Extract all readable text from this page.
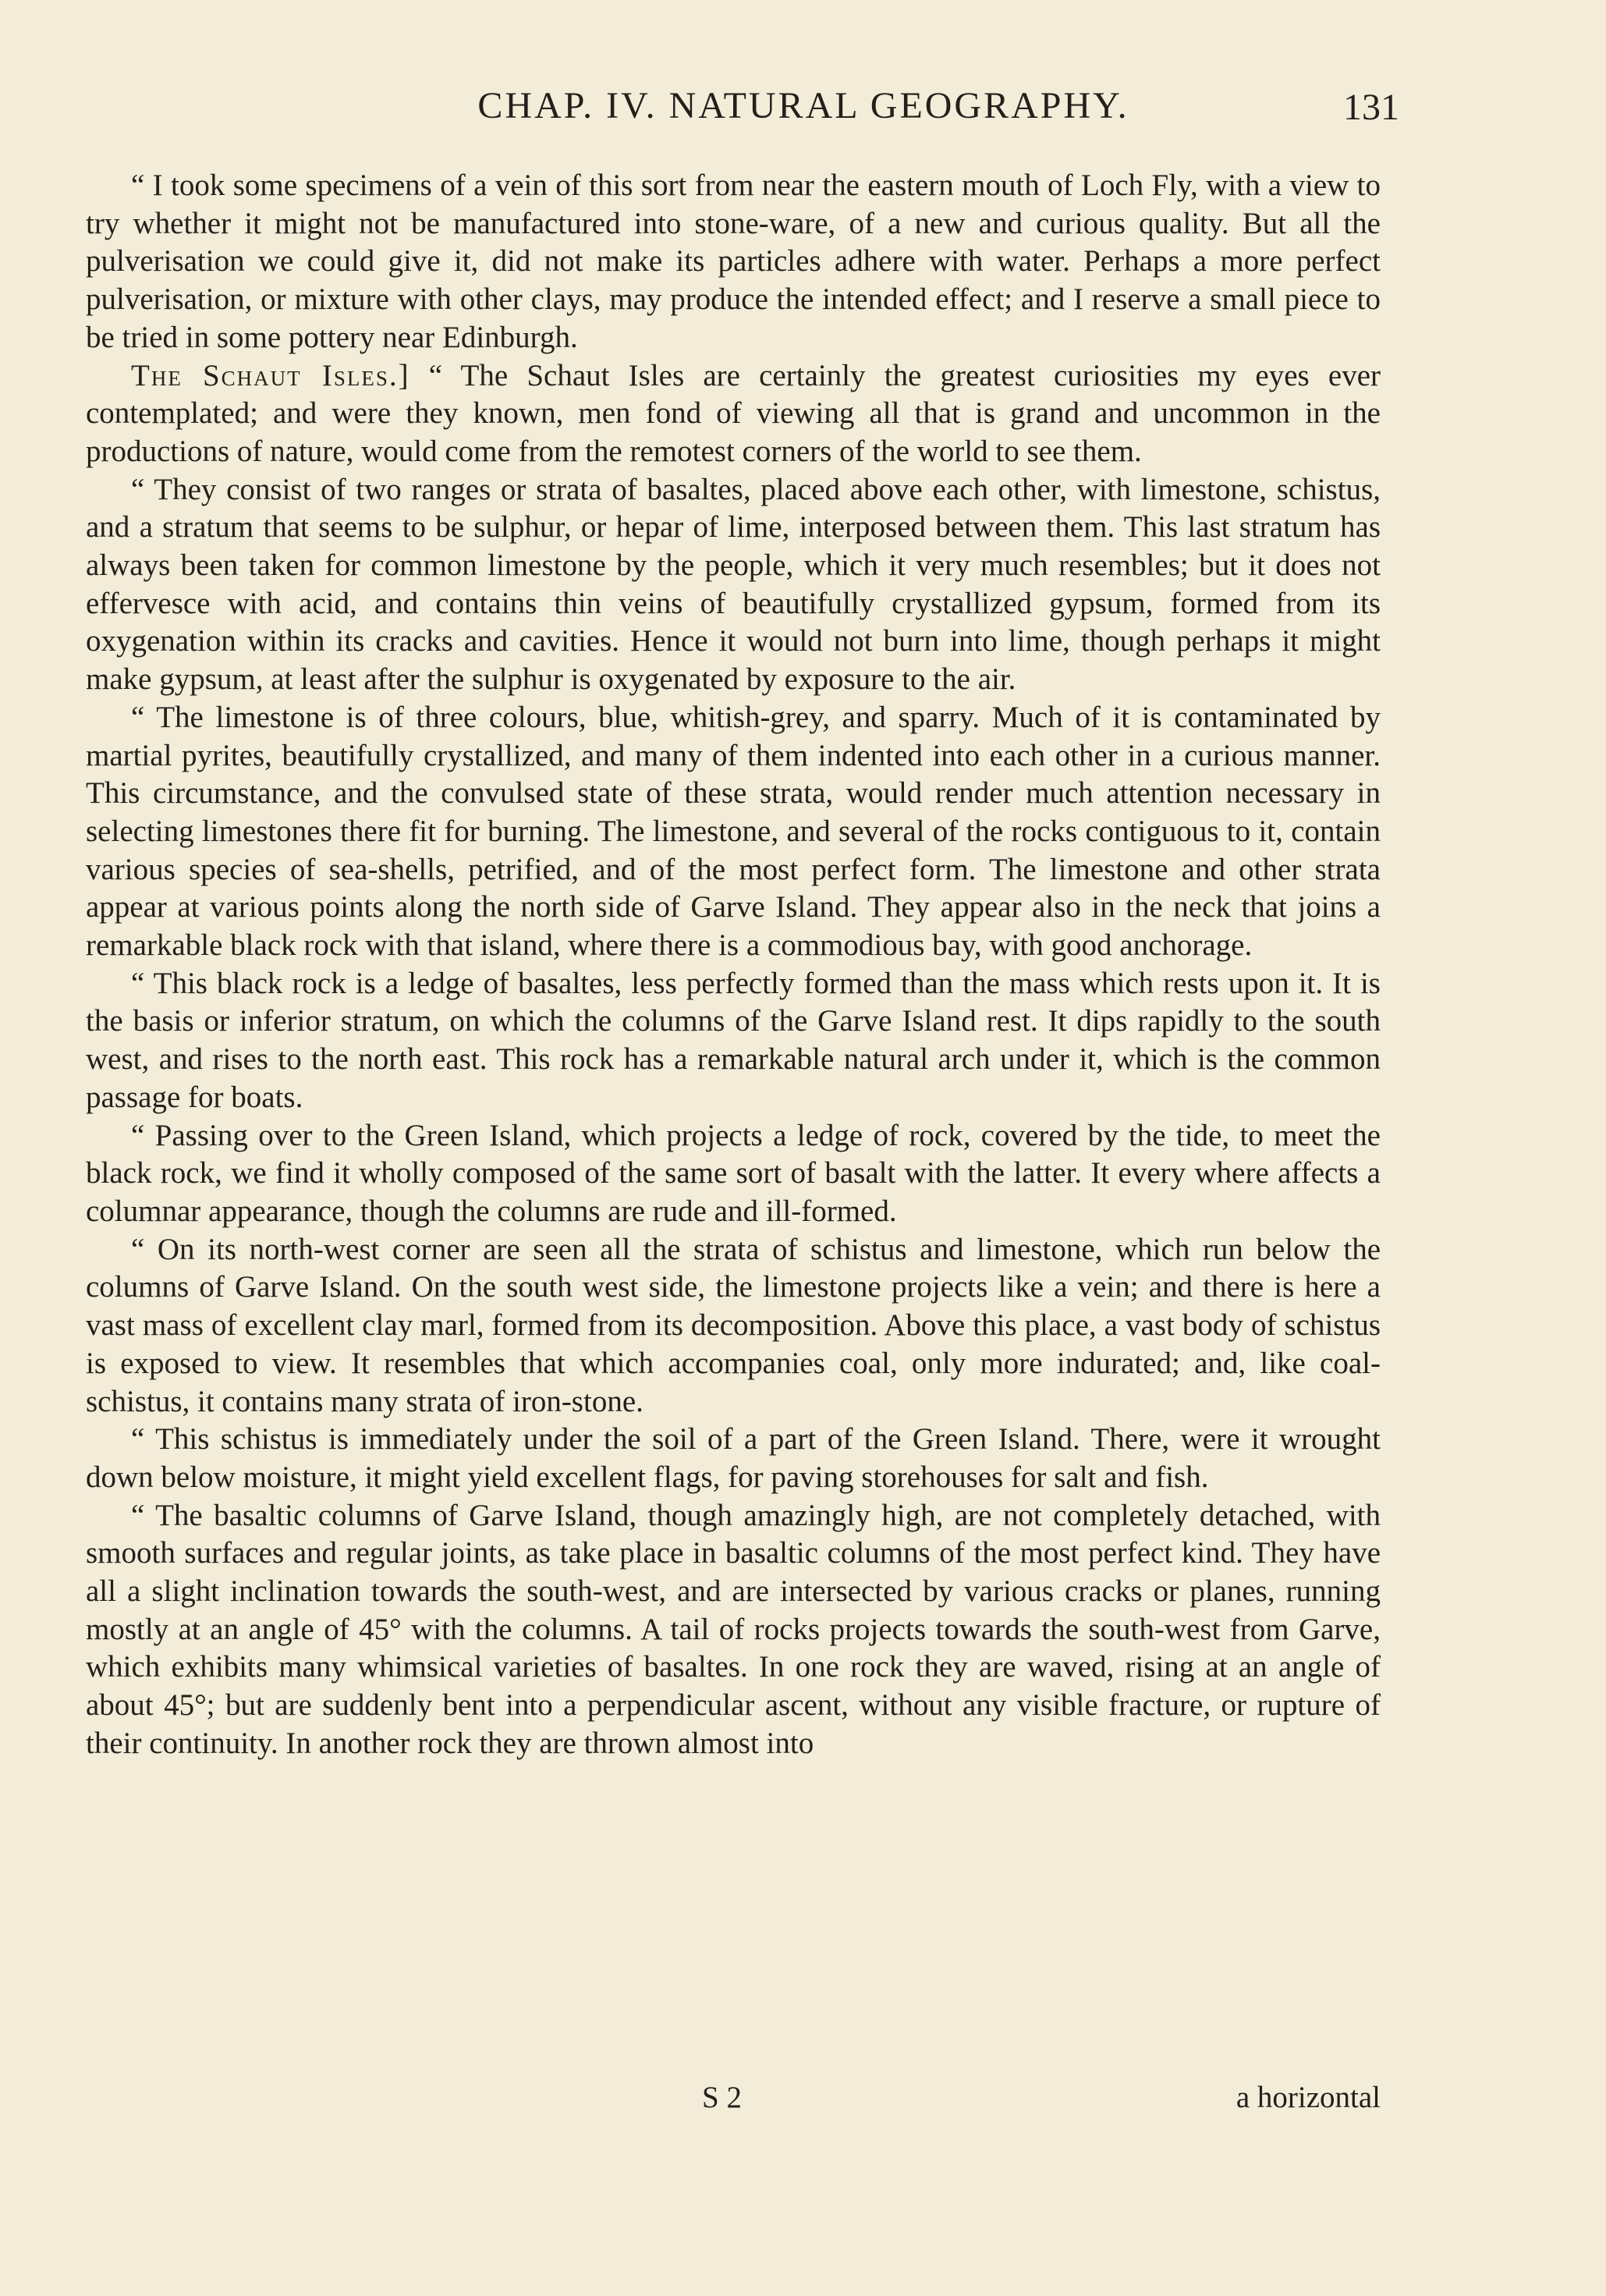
CHAP. IV. NATURAL GEOGRAPHY.	131

“ I took some specimens of a vein of this sort from near the eastern mouth of Loch Fly, with a view to try whether it might not be manufactured into stone-ware, of a new and curious quality. But all the pulverisation we could give it, did not make its particles adhere with water. Perhaps a more perfect pulverisation, or mixture with other clays, may produce the intended effect; and I reserve a small piece to be tried in some pottery near Edinburgh.

The Schaut Isles.] “ The Schaut Isles are certainly the greatest curiosities my eyes ever contemplated; and were they known, men fond of viewing all that is grand and uncommon in the productions of nature, would come from the remotest corners of the world to see them.

“ They consist of two ranges or strata of basaltes, placed above each other, with limestone, schistus, and a stratum that seems to be sulphur, or hepar of lime, interposed between them. This last stratum has always been taken for common limestone by the people, which it very much resembles; but it does not effervesce with acid, and contains thin veins of beautifully crystallized gypsum, formed from its oxygenation within its cracks and cavities. Hence it would not burn into lime, though perhaps it might make gypsum, at least after the sulphur is oxygenated by exposure to the air.

“ The limestone is of three colours, blue, whitish-grey, and sparry. Much of it is contaminated by martial pyrites, beautifully crystallized, and many of them indented into each other in a curious manner. This circumstance, and the convulsed state of these strata, would render much attention necessary in selecting limestones there fit for burning. The limestone, and several of the rocks contiguous to it, contain various species of sea-shells, petrified, and of the most perfect form. The limestone and other strata appear at various points along the north side of Garve Island. They appear also in the neck that joins a remarkable black rock with that island, where there is a commodious bay, with good anchorage.

“ This black rock is a ledge of basaltes, less perfectly formed than the mass which rests upon it. It is the basis or inferior stratum, on which the columns of the Garve Island rest. It dips rapidly to the south west, and rises to the north east. This rock has a remarkable natural arch under it, which is the common passage for boats.

“ Passing over to the Green Island, which projects a ledge of rock, covered by the tide, to meet the black rock, we find it wholly composed of the same sort of basalt with the latter. It every where affects a columnar appearance, though the columns are rude and ill-formed.

“ On its north-west corner are seen all the strata of schistus and limestone, which run below the columns of Garve Island. On the south west side, the limestone projects like a vein; and there is here a vast mass of excellent clay marl, formed from its decomposition. Above this place, a vast body of schistus is exposed to view. It resembles that which accompanies coal, only more indurated; and, like coal-schistus, it contains many strata of iron-stone.

“ This schistus is immediately under the soil of a part of the Green Island. There, were it wrought down below moisture, it might yield excellent flags, for paving storehouses for salt and fish.

“ The basaltic columns of Garve Island, though amazingly high, are not completely detached, with smooth surfaces and regular joints, as take place in basaltic columns of the most perfect kind. They have all a slight inclination towards the south-west, and are intersected by various cracks or planes, running mostly at an angle of 45° with the columns. A tail of rocks projects towards the south-west from Garve, which exhibits many whimsical varieties of basaltes. In one rock they are waved, rising at an angle of about 45°; but are suddenly bent into a perpendicular ascent, without any visible fracture, or rupture of their continuity. In another rock they are thrown almost into

S 2	a horizontal
